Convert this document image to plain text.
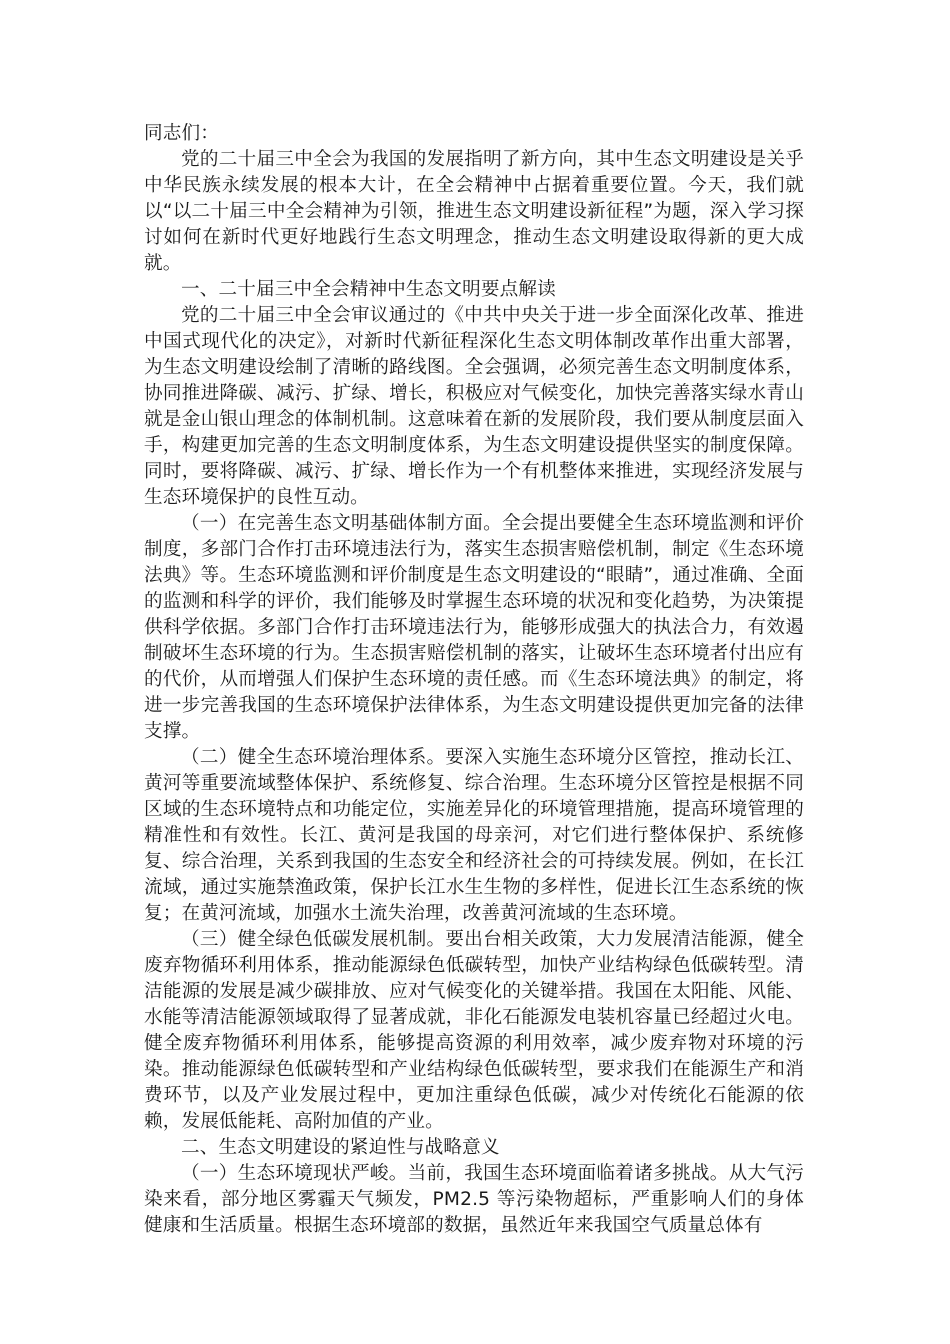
同志们：

党的二十届三中全会为我国的发展指明了新方向，其中生态文明建设是关乎中华民族永续发展的根本大计，在全会精神中占据着重要位置。今天，我们就以“以二十届三中全会精神为引领，推进生态文明建设新征程”为题，深入学习探讨如何在新时代更好地践行生态文明理念，推动生态文明建设取得新的更大成就。

一、二十届三中全会精神中生态文明要点解读

党的二十届三中全会审议通过的《中共中央关于进一步全面深化改革、推进中国式现代化的决定》，对新时代新征程深化生态文明体制改革作出重大部署，为生态文明建设绘制了清晰的路线图。全会强调，必须完善生态文明制度体系，协同推进降碳、减污、扩绿、增长，积极应对气候变化，加快完善落实绿水青山就是金山银山理念的体制机制。这意味着在新的发展阶段，我们要从制度层面入手，构建更加完善的生态文明制度体系，为生态文明建设提供坚实的制度保障。同时，要将降碳、减污、扩绿、增长作为一个有机整体来推进，实现经济发展与生态环境保护的良性互动。

（一）在完善生态文明基础体制方面。全会提出要健全生态环境监测和评价制度，多部门合作打击环境违法行为，落实生态损害赔偿机制，制定《生态环境法典》等。生态环境监测和评价制度是生态文明建设的“眼睛”，通过准确、全面的监测和科学的评价，我们能够及时掌握生态环境的状况和变化趋势，为决策提供科学依据。多部门合作打击环境违法行为，能够形成强大的执法合力，有效遏制破坏生态环境的行为。生态损害赔偿机制的落实，让破坏生态环境者付出应有的代价，从而增强人们保护生态环境的责任感。而《生态环境法典》的制定，将进一步完善我国的生态环境保护法律体系，为生态文明建设提供更加完备的法律支撑。

（二）健全生态环境治理体系。要深入实施生态环境分区管控，推动长江、黄河等重要流域整体保护、系统修复、综合治理。生态环境分区管控是根据不同区域的生态环境特点和功能定位，实施差异化的环境管理措施，提高环境管理的精准性和有效性。长江、黄河是我国的母亲河，对它们进行整体保护、系统修复、综合治理，关系到我国的生态安全和经济社会的可持续发展。例如，在长江流域，通过实施禁渔政策，保护长江水生生物的多样性，促进长江生态系统的恢复；在黄河流域，加强水土流失治理，改善黄河流域的生态环境。

（三）健全绿色低碳发展机制。要出台相关政策，大力发展清洁能源，健全废弃物循环利用体系，推动能源绿色低碳转型，加快产业结构绿色低碳转型。清洁能源的发展是减少碳排放、应对气候变化的关键举措。我国在太阳能、风能、水能等清洁能源领域取得了显著成就，非化石能源发电装机容量已经超过火电。健全废弃物循环利用体系，能够提高资源的利用效率，减少废弃物对环境的污染。推动能源绿色低碳转型和产业结构绿色低碳转型，要求我们在能源生产和消费环节，以及产业发展过程中，更加注重绿色低碳，减少对传统化石能源的依赖，发展低能耗、高附加值的产业。

二、生态文明建设的紧迫性与战略意义

（一）生态环境现状严峻。当前，我国生态环境面临着诸多挑战。从大气污染来看，部分地区雾霾天气频发，PM2.5 等污染物超标，严重影响人们的身体健康和生活质量。根据生态环境部的数据，虽然近年来我国空气质量总体有
